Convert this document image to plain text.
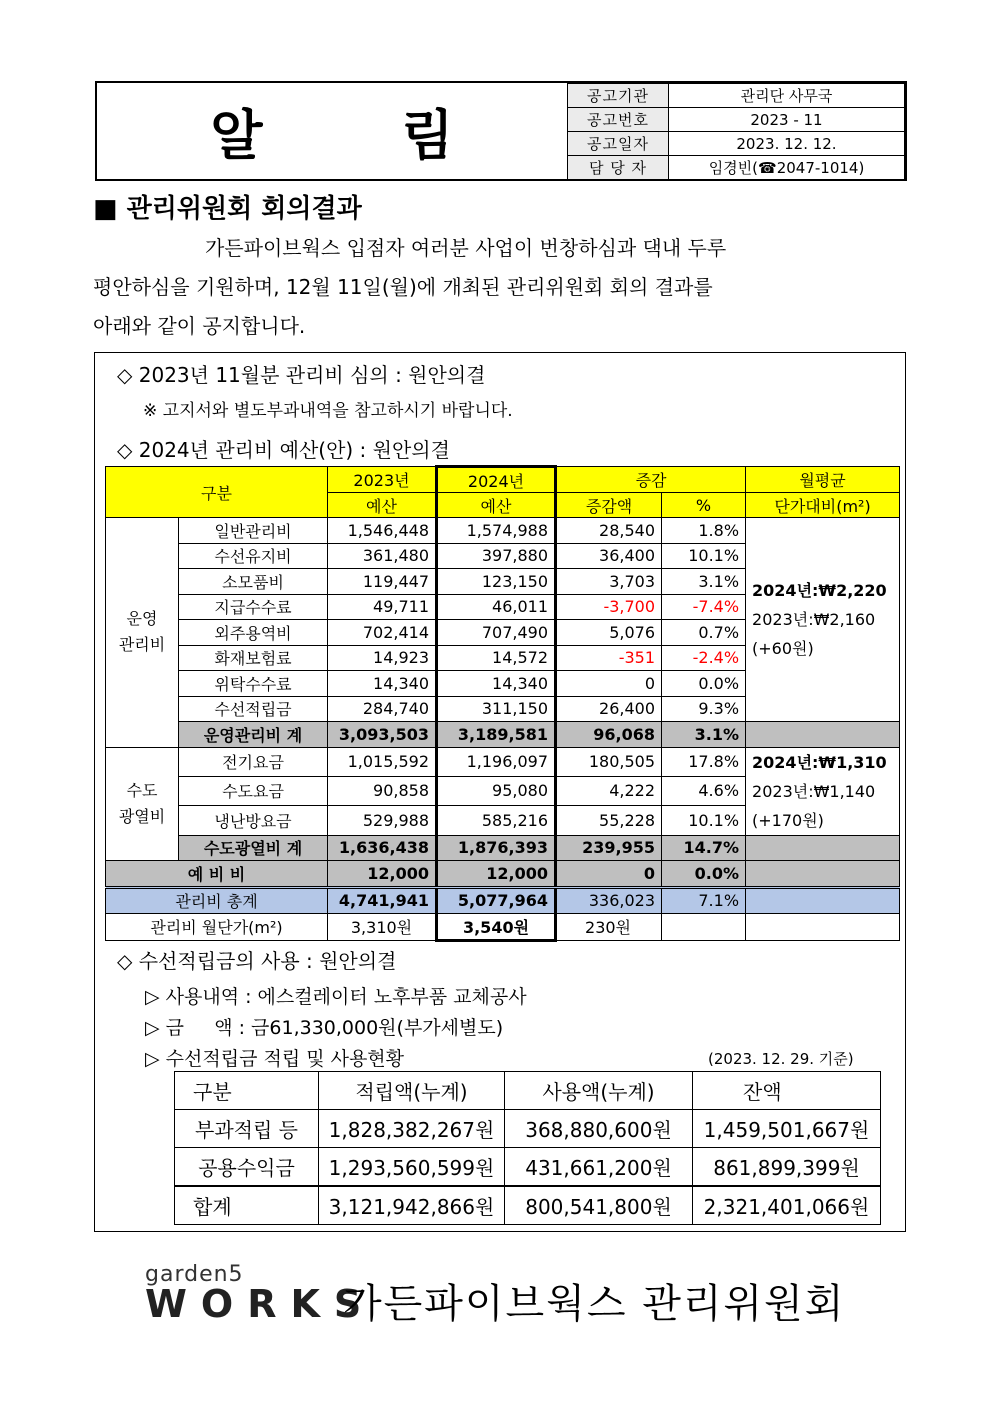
알 림
공고기관	관리단 사무국
공고번호	2023 - 11
공고일자	2023. 12. 12.
담 당 자	임경빈(☎2047-1014)
■ 관리위원회 회의결과
가든파이브웍스 입점자 여러분 사업이 번창하심과 댁내 두루
평안하심을 기원하며, 12월 11일(월)에 개최된 관리위원회 회의 결과를
아래와 같이 공지합니다.
◇ 2023년 11월분 관리비 심의 : 원안의결
※ 고지서와 별도부과내역을 참고하시기 바랍니다.
◇ 2024년 관리비 예산(안) : 원안의결
구분		2023년	2024년	증감		월평균
		예산	예산	증감액	%	단가대비(m²)
운영
관리비	일반관리비	1,546,448	1,574,988	28,540	1.8%	2024년:₩2,220
2023년:₩2,160
(+60원)
	수선유지비	361,480	397,880	36,400	10.1%	
	소모품비	119,447	123,150	3,703	3.1%	
	지급수수료	49,711	46,011	-3,700	-7.4%	
	외주용역비	702,414	707,490	5,076	0.7%	
	화재보험료	14,923	14,572	-351	-2.4%	
	위탁수수료	14,340	14,340	0	0.0%	
	수선적립금	284,740	311,150	26,400	9.3%	
	운영관리비 계	3,093,503	3,189,581	96,068	3.1%	
수도
광열비	전기요금	1,015,592	1,196,097	180,505	17.8%	2024년:₩1,310
2023년:₩1,140
(+170원)
	수도요금	90,858	95,080	4,222	4.6%	
	냉난방요금	529,988	585,216	55,228	10.1%	
	수도광열비 계	1,636,438	1,876,393	239,955	14.7%	
예 비 비		12,000	12,000	0	0.0%	
관리비 총계		4,741,941	5,077,964	336,023	7.1%	
관리비 월단가(m²)		3,310원	3,540원	230원		
◇ 수선적립금의 사용 : 원안의결
▷ 사용내역 : 에스컬레이터 노후부품 교체공사
▷ 금     액 : 금61,330,000원(부가세별도)
▷ 수선적립금 적립 및 사용현황	(2023. 12. 29. 기준)
구분	적립액(누계)	사용액(누계)	잔액
부과적립 등	1,828,382,267원	368,880,600원	1,459,501,667원
공용수익금	1,293,560,599원	431,661,200원	861,899,399원
합계	3,121,942,866원	800,541,800원	2,321,401,066원
garden5
WORKS
가든파이브웍스 관리위원회
